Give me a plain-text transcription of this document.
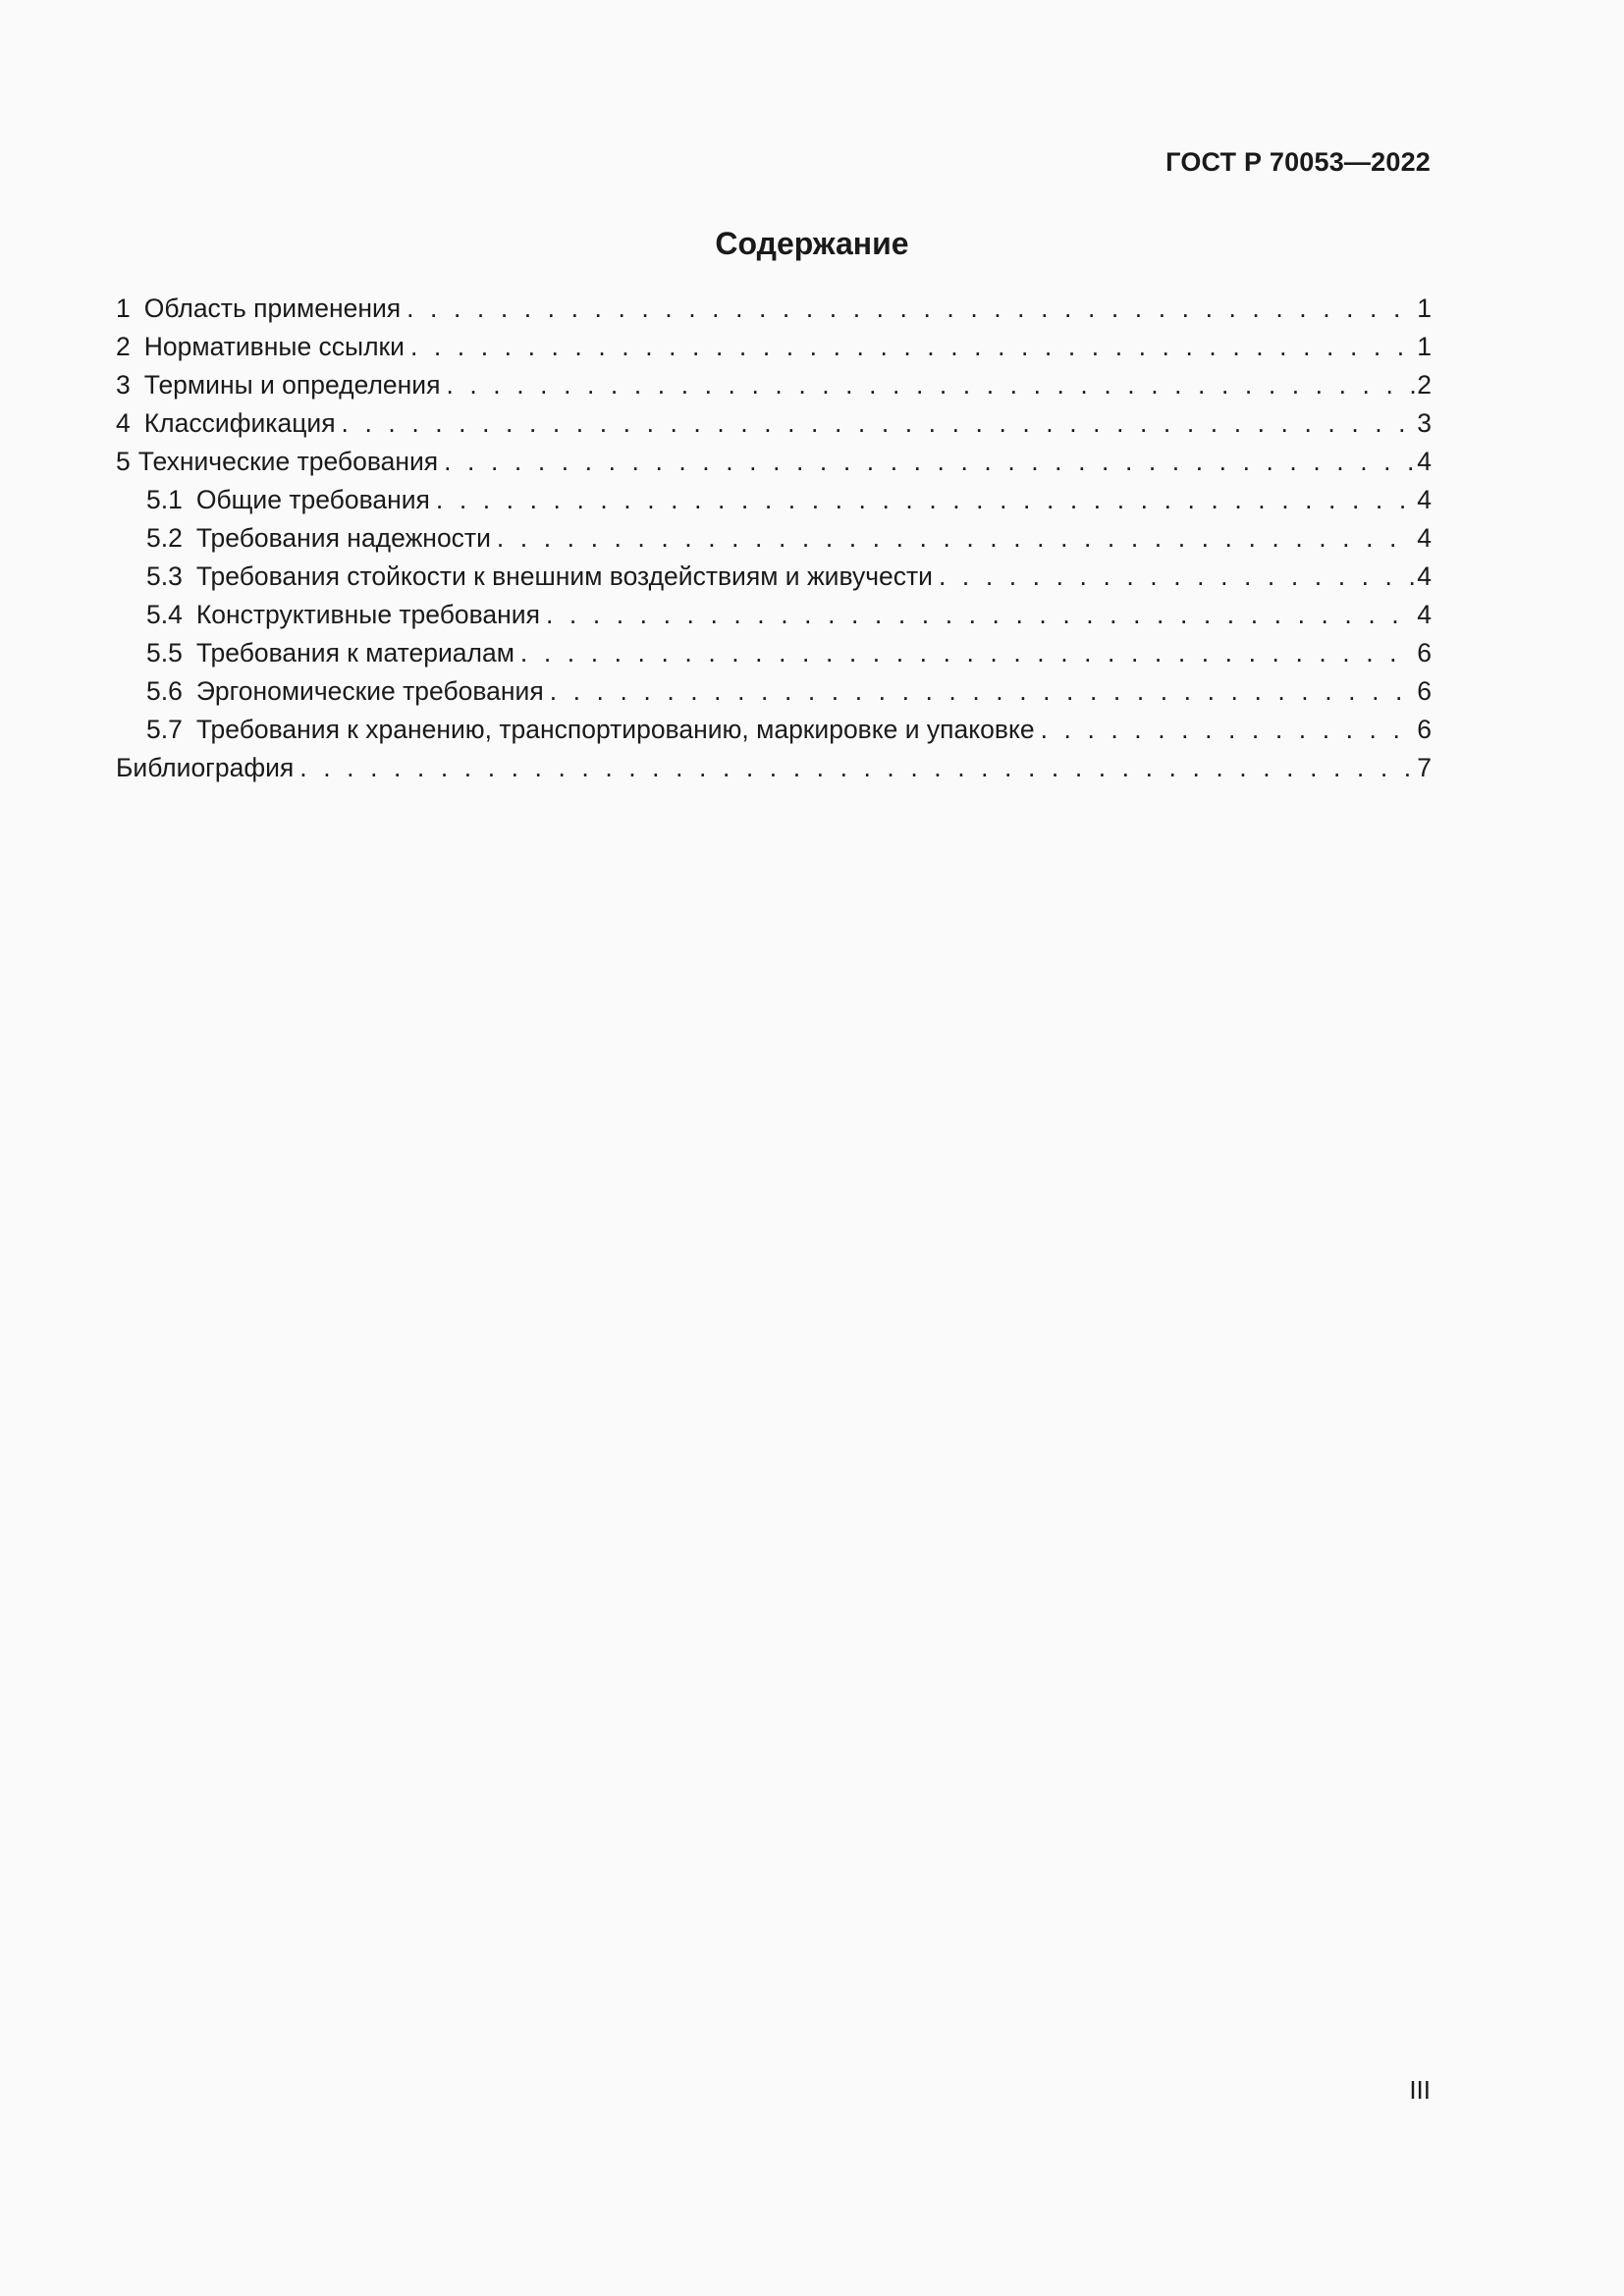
ГОСТ Р 70053—2022
Содержание
1 Область применения . . .	1
2 Нормативные ссылки . . .	1
3 Термины и определения . . .	2
4 Классификация . . .	3
5 Технические требования . . .	4
5.1 Общие требования . . .	4
5.2 Требования надежности . . .	4
5.3 Требования стойкости к внешним воздействиям и живучести . . .	4
5.4 Конструктивные требования . . .	4
5.5 Требования к материалам . . .	6
5.6 Эргономические требования . . .	6
5.7 Требования к хранению, транспортированию, маркировке и упаковке . . .	6
Библиография . . .	7
III
